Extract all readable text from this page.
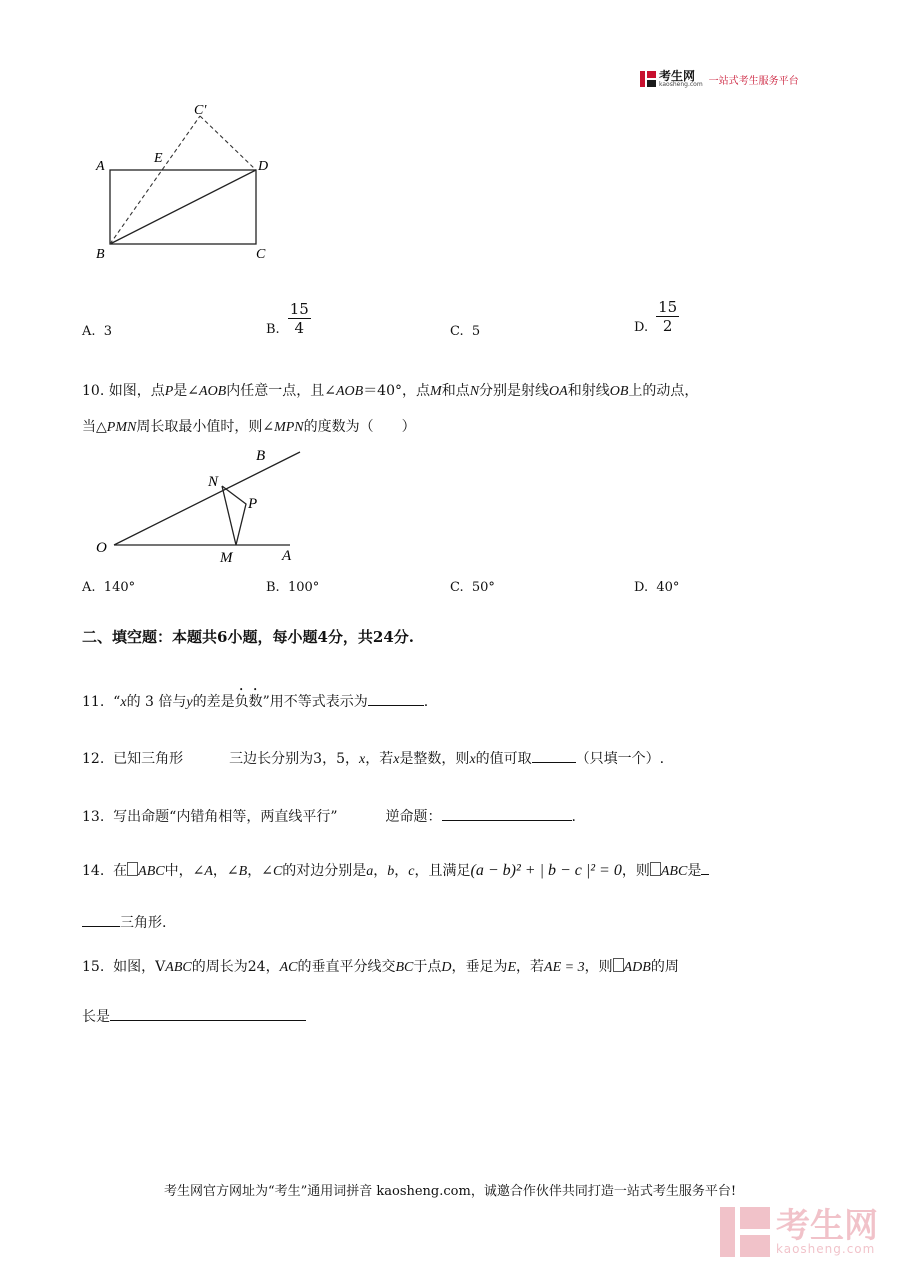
考生网
kaosheng.com 一站式考生服务平台
C′
A
E
D
B	C
A. 3	B. $\frac{15}{4}$	C. 5	D. $\frac{15}{2}$
10. 如图，点P是∠AOB内任意一点，且∠AOB＝40°，点M和点N分别是射线OA和射线OB上的动点，
当△PMN周长取最小值时，则∠MPN的度数为（　　）
B
N
P
O
M	A
A. 140°	B. 100°	C. 50°	D. 40°
二、填空题：本题共6小题，每小题4分，共24分.
11. “x的 3 倍与y的差是负数”用不等式表示为	.
12. 已知三角形	三边长分别为3，5，x，若x是整数，则x的值可取	（只填一个）.
13. 写出命题“内错角相等，两直线平行”	逆命题：	.
14. 在 ABC中，∠A，∠B，∠C的对边分别是a，b，c，且满足(a − b)² + | b − c |² = 0，则 ABC是
三角形.
15. 如图，VABC的周长为24，AC的垂直平分线交BC于点D，垂足为E，若AE = 3，则 ADB的周
长是
考生网官方网址为“考生”通用词拼音 kaosheng.com，诚邀合作伙伴共同打造一站式考生服务平台!
考生网
kaosheng.com
